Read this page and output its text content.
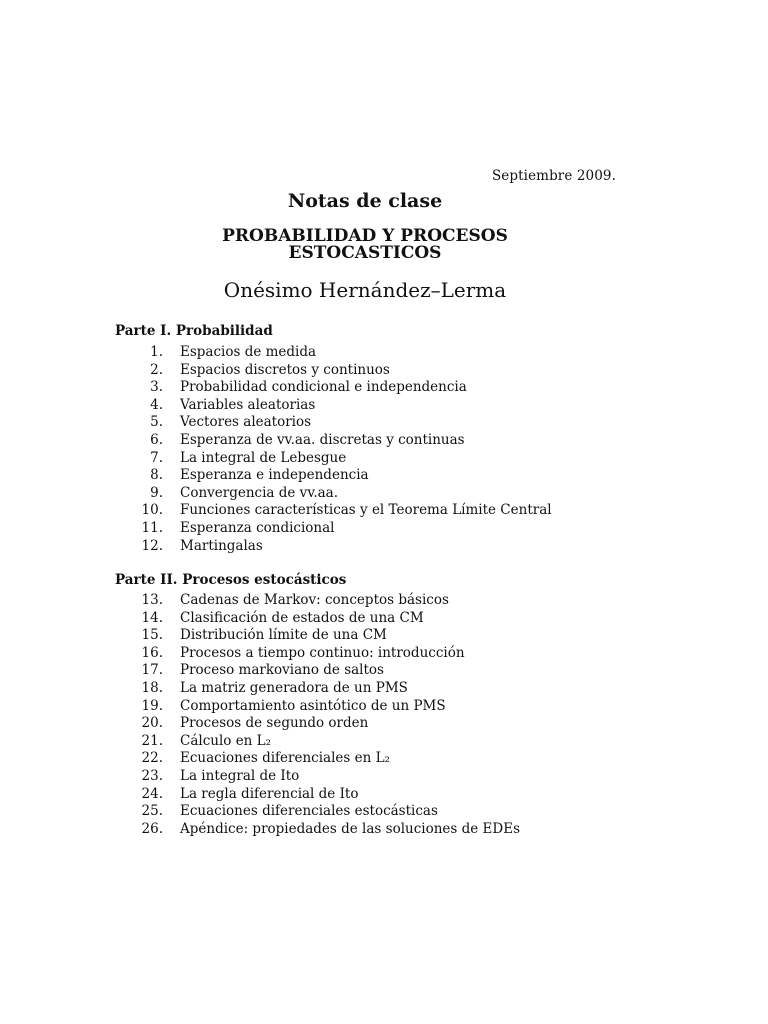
Septiembre 2009.
Notas de clase
PROBABILIDAD Y PROCESOS
ESTOCASTICOS
Onésimo Hernández–Lerma
Parte I. Probabilidad
1.	Espacios de medida
2.	Espacios discretos y continuos
3.	Probabilidad condicional e independencia
4.	Variables aleatorias
5.	Vectores aleatorios
6.	Esperanza de vv.aa. discretas y continuas
7.	La integral de Lebesgue
8.	Esperanza e independencia
9.	Convergencia de vv.aa.
10.	Funciones características y el Teorema Límite Central
11.	Esperanza condicional
12.	Martingalas
Parte II. Procesos estocásticos
13.	Cadenas de Markov: conceptos básicos
14.	Clasificación de estados de una CM
15.	Distribución límite de una CM
16.	Procesos a tiempo continuo: introducción
17.	Proceso markoviano de saltos
18.	La matriz generadora de un PMS
19.	Comportamiento asintótico de un PMS
20.	Procesos de segundo orden
21.	Cálculo en L₂
22.	Ecuaciones diferenciales en L₂
23.	La integral de Ito
24.	La regla diferencial de Ito
25.	Ecuaciones diferenciales estocásticas
26.	Apéndice: propiedades de las soluciones de EDEs
